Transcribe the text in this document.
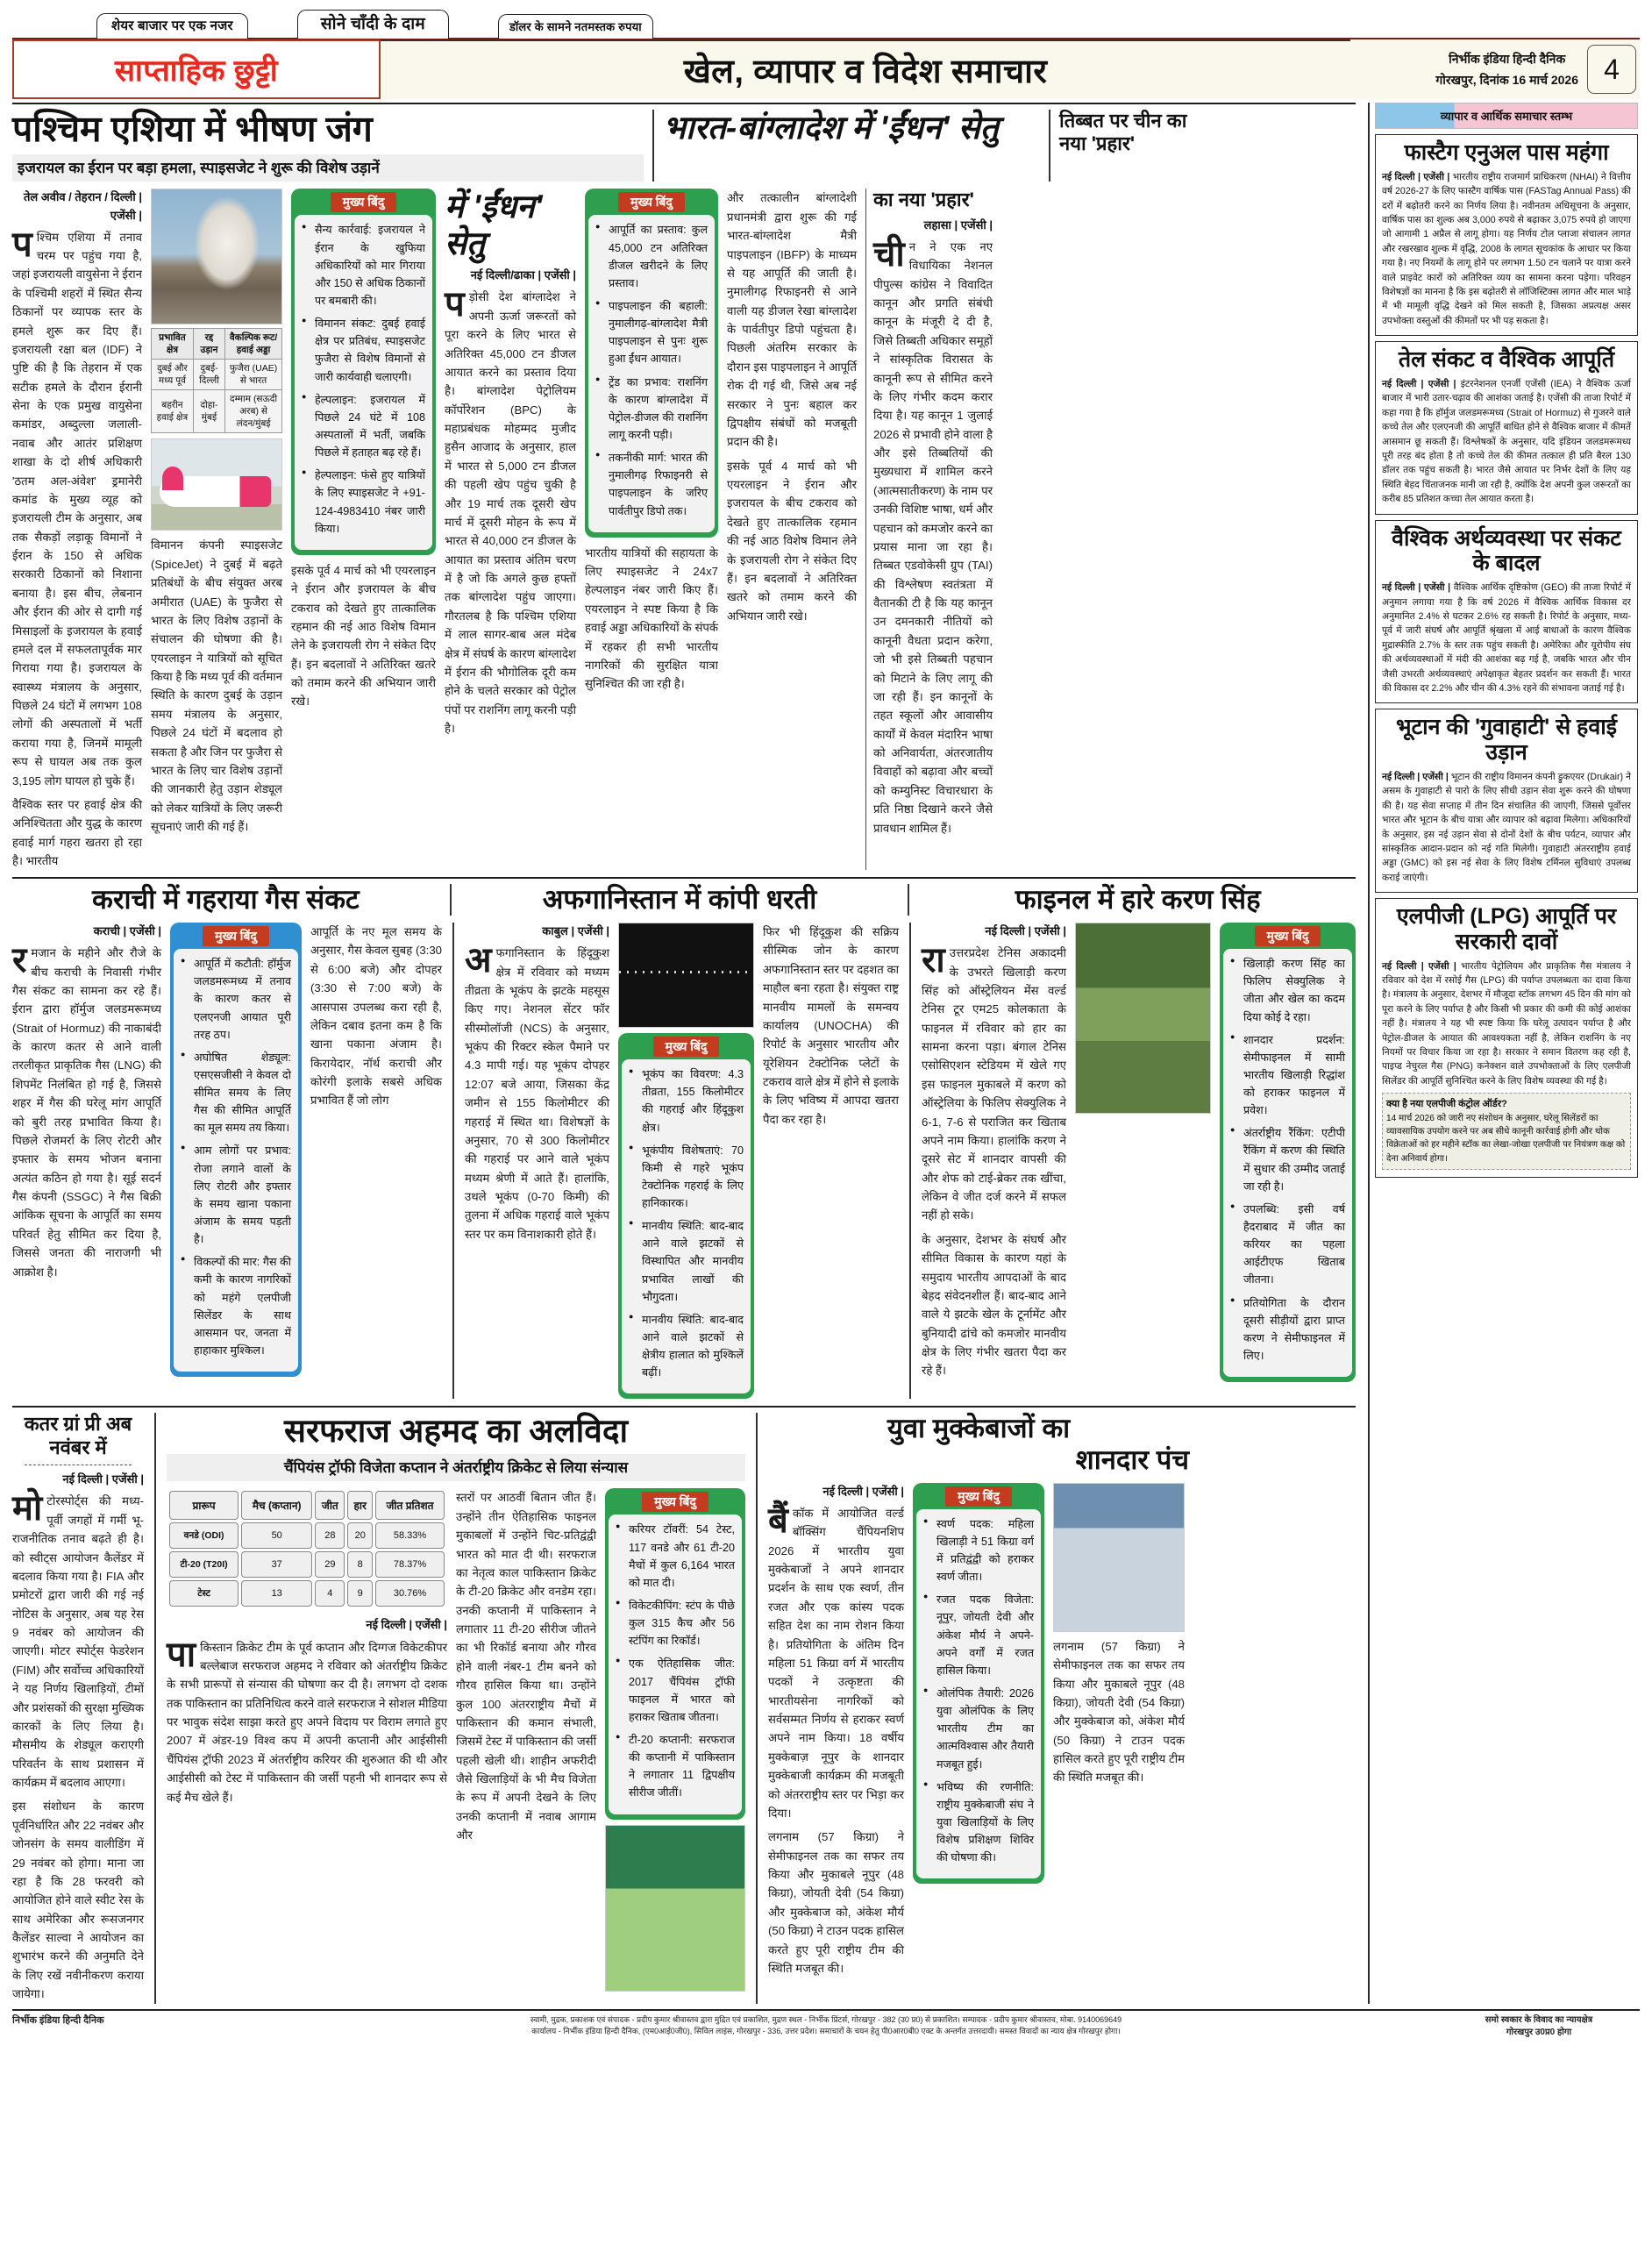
शेयर बाजार पर एक नजर	सोने चाँदी के दाम	डॉलर के सामने नतमस्तक रुपया
साप्ताहिक छुट्टी	खेल, व्यापार व विदेश समाचार	निर्भीक इंडिया हिन्दी दैनिक
गोरखपुर, दिनांक 16 मार्च 2026 4
पश्चिम एशिया में भीषण जंग
इजरायल का ईरान पर बड़ा हमला, स्पाइसजेट ने शुरू की विशेष उड़ानें
भारत-बांग्लादेश में 'ईंधन' सेतु	तिब्बत पर चीन का नया 'प्रहार'
तेल अवीव / तेहरान / दिल्ली | एजेंसी |
पश्चिम एशिया में तनाव चरम पर पहुंच गया है, जहां इजरायली वायुसेना ने ईरान के पश्चिमी शहरों में स्थित सैन्य ठिकानों पर व्यापक स्तर के हमले शुरू कर दिए हैं। इजरायली रक्षा बल (IDF) ने पुष्टि की है कि तेहरान में एक सटीक हमले के दौरान ईरानी सेना के एक प्रमुख वायुसेना कमांडर, अब्दुल्ला जलाली-नवाब और आतंर प्रशिक्षण शाखा के दो शीर्ष अधिकारी 'ठतम अल-अंवेश' ड्रमानेरी कमांड के मुख्य व्यूह को इजरायली टीम के अनुसार, अब तक सैकड़ों लड़ाकू विमानों ने ईरान के 150 से अधिक सरकारी ठिकानों को निशाना बनाया है। इस बीच, लेबनान और ईरान की ओर से दागी गई मिसाइलों के इजरायल के हवाई हमले दल में सफलतापूर्वक मार गिराया गया है। इजरायल के स्वास्थ्य मंत्रालय के अनुसार, पिछले 24 घंटों में लगभग 108 लोगों की अस्पतालों में भर्ती कराया गया है, जिनमें मामूली रूप से घायल अब तक कुल 3,195 लोग घायल हो चुके हैं।
वैश्विक स्तर पर हवाई क्षेत्र की अनिश्चितता और युद्ध के कारण हवाई मार्ग गहरा खतरा हो रहा है। भारतीय
प्रभावित क्षेत्र	रद्द उड़ान	वैकल्पिक रूट/हवाई अड्डा
दुबई और मध्य पूर्व	दुबई-दिल्ली	फुजैरा (UAE) से भारत
बहरीन हवाई क्षेत्र	दोहा-मुंबई	दम्माम (सऊदी अरब) से लंदन/मुंबई
विमानन कंपनी स्पाइसजेट (SpiceJet) ने दुबई में बढ़ते प्रतिबंधों के बीच संयुक्त अरब अमीरात (UAE) के फुजैरा से भारत के लिए विशेष उड़ानों के संचालन की घोषणा की है। एयरलाइन ने यात्रियों को सूचित किया है कि मध्य पूर्व की वर्तमान स्थिति के कारण दुबई के उड़ान समय मंत्रालय के अनुसार, पिछले 24 घंटों में बदलाव हो सकता है और जिन पर फुजैरा से भारत के लिए चार विशेष उड़ानों की जानकारी हेतु उड़ान शेड्यूल को लेकर यात्रियों के लिए जरूरी सूचनाएं जारी की गई हैं।
मुख्य बिंदु
● सैन्य कार्रवाई: इजरायल ने ईरान के खुफिया अधिकारियों को मार गिराया और 150 से अधिक ठिकानों पर बमबारी की।
● विमानन संकट: दुबई हवाई क्षेत्र पर प्रतिबंध, स्पाइसजेट फुजैरा से विशेष विमानों से जारी कार्यवाही चलाएगी।
● हेल्पलाइन: इजरायल में पिछले 24 घंटे में 108 अस्पतालों में भर्ती, जबकि पिछले में हताहत बढ़ रहे हैं।
● हेल्पलाइन: फंसे हुए यात्रियों के लिए स्पाइसजेट ने +91-124-4983410 नंबर जारी किया।
इसके पूर्व 4 मार्च को भी एयरलाइन ने ईरान और इजरायल के बीच टकराव को देखते हुए तात्कालिक रहमान की नई आठ विशेष विमान लेने के इजरायली रोग ने संकेत दिए हैं। इन बदलावों ने अतिरिक्त खतरे को तमाम करने की अभियान जारी रखे।
में 'ईंधन' सेतु
नई दिल्ली/ढाका | एजेंसी |
पड़ोसी देश बांग्लादेश ने अपनी ऊर्जा जरूरतों को पूरा करने के लिए भारत से अतिरिक्त 45,000 टन डीजल आयात करने का प्रस्ताव दिया है। बांग्लादेश पेट्रोलियम कॉर्पोरेशन (BPC) के महाप्रबंधक मोहम्मद मुजीद हुसैन आजाद के अनुसार, हाल में भारत से 5,000 टन डीजल की पहली खेप पहुंच चुकी है और 19 मार्च तक दूसरी खेप मार्च में दूसरी मोहन के रूप में भारत से 40,000 टन डीजल के आयात का प्रस्ताव अंतिम चरण में है जो कि अगले कुछ हफ्तों तक बांग्लादेश पहुंच जाएगा। गौरतलब है कि पश्चिम एशिया में लाल सागर-बाब अल मंदेब क्षेत्र में संघर्ष के कारण बांग्लादेश में ईरान की भौगोलिक दूरी कम होने के चलते सरकार को पेट्रोल पंपों पर राशनिंग लागू करनी पड़ी है।
मुख्य बिंदु
● आपूर्ति का प्रस्ताव: कुल 45,000 टन अतिरिक्त डीजल खरीदने के लिए प्रस्ताव।
● पाइपलाइन की बहाली: नुमालीगढ़-बांग्लादेश मैत्री पाइपलाइन से पुनः शुरू हुआ ईंधन आयात।
● ट्रेंड का प्रभाव: राशनिंग के कारण बांग्लादेश में पेट्रोल-डीजल की राशनिंग लागू करनी पड़ी।
● तकनीकी मार्ग: भारत की नुमालीगढ़ रिफाइनरी से पाइपलाइन के जरिए पार्वतीपुर डिपो तक।
भारतीय यात्रियों की सहायता के लिए स्पाइसजेट ने 24x7 हेल्पलाइन नंबर जारी किए हैं। एयरलाइन ने स्पष्ट किया है कि हवाई अड्डा अधिकारियों के संपर्क में रहकर ही सभी भारतीय नागरिकों की सुरक्षित यात्रा सुनिश्चित की जा रही है।
और तत्कालीन बांग्लादेशी प्रधानमंत्री द्वारा शुरू की गई भारत-बांग्लादेश मैत्री पाइपलाइन (IBFP) के माध्यम से यह आपूर्ति की जाती है। नुमालीगढ़ रिफाइनरी से आने वाली यह डीजल रेखा बांग्लादेश के पार्वतीपुर डिपो पहुंचता है। पिछली अंतरिम सरकार के दौरान इस पाइपलाइन ने आपूर्ति रोक दी गई थी, जिसे अब नई सरकार ने पुनः बहाल कर द्विपक्षीय संबंधों को मजबूती प्रदान की है।
इसके पूर्व 4 मार्च को भी एयरलाइन ने ईरान और इजरायल के बीच टकराव को देखते हुए तात्कालिक रहमान की नई आठ विशेष विमान लेने के इजरायली रोग ने संकेत दिए हैं। इन बदलावों ने अतिरिक्त खतरे को तमाम करने की अभियान जारी रखे।
का नया 'प्रहार'
लहासा | एजेंसी |
चीन ने एक नए विधायिका नेशनल पीपुल्स कांग्रेस ने विवादित कानून और प्रगति संबंधी कानून के मंजूरी दे दी है, जिसे तिब्बती अधिकार समूहों ने सांस्कृतिक विरासत के कानूनी रूप से सीमित करने के लिए गंभीर कदम करार दिया है। यह कानून 1 जुलाई 2026 से प्रभावी होने वाला है और इसे तिब्बतियों की मुख्यधारा में शामिल करने (आत्मसातीकरण) के नाम पर उनकी विशिष्ट भाषा, धर्म और पहचान को कमजोर करने का प्रयास माना जा रहा है। तिब्बत एडवोकेसी ग्रुप (TAI) की विश्लेषण स्वतंत्रता में वैतानकी टी है कि यह कानून उन दमनकारी नीतियों को कानूनी वैधता प्रदान करेगा, जो भी इसे तिब्बती पहचान को मिटाने के लिए लागू की जा रही हैं। इन कानूनों के तहत स्कूलों और आवासीय कार्यों में केवल मंदारिन भाषा को अनिवार्यता, अंतरजातीय विवाहों को बढ़ावा और बच्चों को कम्युनिस्ट विचारधारा के प्रति निष्ठा दिखाने करने जैसे प्रावधान शामिल हैं।
कराची में गहराया गैस संकट	अफगानिस्तान में कांपी धरती	फाइनल में हारे करण सिंह
कराची | एजेंसी |
रमजान के महीने और रौजे के बीच कराची के निवासी गंभीर गैस संकट का सामना कर रहे हैं। ईरान द्वारा हॉर्मुज जलडमरूमध्य (Strait of Hormuz) की नाकाबंदी के कारण कतर से आने वाली तरलीकृत प्राकृतिक गैस (LNG) की शिपमेंट निलंबित हो गई है, जिससे शहर में गैस की घरेलू मांग आपूर्ति को बुरी तरह प्रभावित किया है। पिछले रोजमर्रा के लिए रोटरी और इफ्तार के समय भोजन बनाना अत्यंत कठिन हो गया है। सूई सदर्न गैस कंपनी (SSGC) ने गैस बिक्री आंकिक सूचना के आपूर्ति का समय परिवर्त हेतु सीमित कर दिया है, जिससे जनता की नाराजगी भी आक्रोश है।
मुख्य बिंदु
● आपूर्ति में कटौती: हॉर्मुज जलडमरूमध्य में तनाव के कारण कतर से एलएनजी आयात पूरी तरह ठप।
● अघोषित शेड्यूल: एसएसजीसी ने केवल दो सीमित समय के लिए गैस की सीमित आपूर्ति का मूल समय तय किया।
● आम लोगों पर प्रभाव: रोजा लगाने वालों के लिए रोटरी और इफ्तार के समय खाना पकाना अंजाम के समय पड़ती है।
● विकल्पों की मार: गैस की कमी के कारण नागरिकों को महंगे एलपीजी सिलेंडर के साथ आसमान पर, जनता में हाहाकार मुश्किल।
आपूर्ति के नए मूल समय के अनुसार, गैस केवल सुबह (3:30 से 6:00 बजे) और दोपहर (3:30 से 7:00 बजे) के आसपास उपलब्ध करा रही है, लेकिन दबाव इतना कम है कि खाना पकाना अंजाम है। किरायेदार, नॉर्थ कराची और कोरंगी इलाके सबसे अधिक प्रभावित हैं जो लोग
काबुल | एजेंसी |
अफगानिस्तान के हिंदूकुश क्षेत्र में रविवार को मध्यम तीव्रता के भूकंप के झटके महसूस किए गए। नेशनल सेंटर फॉर सीस्मोलॉजी (NCS) के अनुसार, भूकंप की रिक्टर स्केल पैमाने पर 4.3 मापी गई। यह भूकंप दोपहर 12:07 बजे आया, जिसका केंद्र जमीन से 155 किलोमीटर की गहराई में स्थित था। विशेषज्ञों के अनुसार, 70 से 300 किलोमीटर की गहराई पर आने वाले भूकंप मध्यम श्रेणी में आते हैं। हालांकि, उथले भूकंप (0-70 किमी) की तुलना में अधिक गहराई वाले भूकंप स्तर पर कम विनाशकारी होते हैं।
मुख्य बिंदु
● भूकंप का विवरण: 4.3 तीव्रता, 155 किलोमीटर की गहराई और हिंदूकुश क्षेत्र।
● भूकंपीय विशेषताएं: 70 किमी से गहरे भूकंप टेक्टोनिक गहराई के लिए हानिकारक।
● मानवीय स्थिति: बाद-बाद आने वाले झटकों से विस्थापित और मानवीय प्रभावित लाखों की भौगुदता।
● मानवीय स्थिति: बाद-बाद आने वाले झटकों से क्षेत्रीय हालात को मुश्किलें बढ़ीं।
फिर भी हिंदूकुश की सक्रिय सीस्मिक जोन के कारण अफगानिस्तान स्तर पर दहशत का माहौल बना रहता है। संयुक्त राष्ट्र मानवीय मामलों के समन्वय कार्यालय (UNOCHA) की रिपोर्ट के अनुसार भारतीय और यूरेशियन टेक्टोनिक प्लेटों के टकराव वाले क्षेत्र में होने से इलाके के लिए भविष्य में आपदा खतरा पैदा कर रहा है।
नई दिल्ली | एजेंसी |
राउत्तरप्रदेश टेनिस अकादमी के उभरते खिलाड़ी करण सिंह को ऑस्ट्रेलियन मेंस वर्ल्ड टेनिस टूर एम25 कोलकाता के फाइनल में रविवार को हार का सामना करना पड़ा। बंगाल टेनिस एसोसिएशन स्टेडियम में खेले गए इस फाइनल मुकाबले में करण को ऑस्ट्रेलिया के फिलिप सेक्युलिक ने 6-1, 7-6 से पराजित कर खिताब अपने नाम किया। हालांकि करण ने दूसरे सेट में शानदार वापसी की और शेफ को टाई-ब्रेकर तक खींचा, लेकिन वे जीत दर्ज करने में सफल नहीं हो सके।
के अनुसार, देशभर के संघर्ष और सीमित विकास के कारण यहां के समुदाय भारतीय आपदाओं के बाद बेहद संवेदनशील हैं। बाद-बाद आने वाले ये झटके खेल के टूर्नामेंट और बुनियादी ढांचे को कमजोर मानवीय क्षेत्र के लिए गंभीर खतरा पैदा कर रहे हैं।
मुख्य बिंदु
● खिलाड़ी करण सिंह का फिलिप सेक्युलिक ने जीता और खेल का कदम दिया कोई दे रहा।
● शानदार प्रदर्शन: सेमीफाइनल में सामी भारतीय खिलाड़ी रिद्धांश को हराकर फाइनल में प्रवेश।
● अंतर्राष्ट्रीय रैंकिंग: एटीपी रैंकिंग में करण की स्थिति में सुधार की उम्मीद जताई जा रही है।
● उपलब्धि: इसी वर्ष हैदराबाद में जीत का करियर का पहला आईटीएफ खिताब जीतना।
● प्रतियोगिता के दौरान दूसरी सीड़ीयों द्वारा प्राप्त करण ने सेमीफाइनल में लिए।
कतर ग्रां प्री अब
नवंबर में
नई दिल्ली | एजेंसी |
मोटोरस्पोर्ट्स की मध्य-पूर्वी जगहों में गर्मी भू-राजनीतिक तनाव बढ़ते ही है। को स्वीट्स आयोजन कैलेंडर में बदलाव किया गया है। FIA और प्रमोटरों द्वारा जारी की गई नई नोटिस के अनुसार, अब यह रेस 9 नवंबर को आयोजन की जाएगी। मोटर स्पोर्ट्स फेडरेशन (FIM) और सर्वोच्च अधिकारियों ने यह निर्णय खिलाड़ियों, टीमों और प्रशंसकों की सुरक्षा मुख्यिक कारकों के लिए लिया है। मौसमीय के शेड्यूल कराएगी परिवर्तन के साथ प्रशासन में कार्यक्रम में बदलाव आएगा।
इस संशोधन के कारण पूर्वनिर्धारित और 22 नवंबर और जोनसंग के समय वालीडिंग में 29 नवंबर को होगा। माना जा रहा है कि 28 फरवरी को आयोजित होने वाले स्वीट रेस के साथ अमेरिका और रूसजनगर कैलेंडर साल्वा ने आयोजन का शुभारंभ करने की अनुमति देने के लिए रखें नवीनीकरण कराया जायेगा।
सरफराज अहमद का अलविदा
चैंपियंस ट्रॉफी विजेता कप्तान ने अंतर्राष्ट्रीय क्रिकेट से लिया संन्यास
प्रारूप	मैच (कप्तान)	जीत	हार	जीत प्रतिशत
वनडे (ODI)	50	28	20	58.33%
टी-20 (T20I)	37	29	8	78.37%
टेस्ट	13	4	9	30.76%
नई दिल्ली | एजेंसी |
पाकिस्तान क्रिकेट टीम के पूर्व कप्तान और दिग्गज विकेटकीपर बल्लेबाज सरफराज अहमद ने रविवार को अंतर्राष्ट्रीय क्रिकेट के सभी प्रारूपों से संन्यास की घोषणा कर दी है। लगभग दो दशक तक पाकिस्तान का प्रतिनिधित्व करने वाले सरफराज ने सोशल मीडिया पर भावुक संदेश साझा करते हुए अपने विदाय पर विराम लगाते हुए 2007 में अंडर-19 विश्व कप में अपनी कप्तानी और आईसीसी चैंपियंस ट्रॉफी 2023 में अंतर्राष्ट्रीय करियर की शुरुआत की थी और आईसीसी को टेस्ट में पाकिस्तान की जर्सी पहनी भी शानदार रूप से कई मैच खेले हैं।
स्तरों पर आठवीं बितान जीत हैं। उन्होंने तीन ऐतिहासिक फाइनल मुकाबलों में उन्होंने चिट-प्रतिद्वंद्वी भारत को मात दी थी। सरफराज का नेतृत्व काल पाकिस्तान क्रिकेट के टी-20 क्रिकेट और वनडेम रहा। उनकी कप्तानी में पाकिस्तान ने लगातार 11 टी-20 सीरीज जीतने का भी रिकॉर्ड बनाया और गौरव होने वाली नंबर-1 टीम बनने को गौरव हासिल किया था। उन्होंने कुल 100 अंतरराष्ट्रीय मैचों में पाकिस्तान की कमान संभाली, जिसमें टेस्ट में पाकिस्तान की जर्सी पहली खेली थी। शाहीन अफरीदी जैसे खिलाड़ियों के भी मैच विजेता के रूप में अपनी देखने के लिए उनकी कप्तानी में नवाब आगाम और
मुख्य बिंदु
● करियर टॉवरीं: 54 टेस्ट, 117 वनडे और 61 टी-20 मैचों में कुल 6,164 भारत को मात दी।
● विकेटकीपिंग: स्टंप के पीछे कुल 315 कैच और 56 स्टंपिंग का रिकॉर्ड।
● एक ऐतिहासिक जीत: 2017 चैंपियंस ट्रॉफी फाइनल में भारत को हराकर खिताब जीतना।
● टी-20 कप्तानी: सरफराज की कप्तानी में पाकिस्तान ने लगातार 11 द्विपक्षीय सीरीज जीतीं।
युवा मुक्केबाजों का
शानदार पंच
नई दिल्ली | एजेंसी |
बैंकॉक में आयोजित वर्ल्ड बॉक्सिंग चैंपियनशिप 2026 में भारतीय युवा मुक्केबाजों ने अपने शानदार प्रदर्शन के साथ एक स्वर्ण, तीन रजत और एक कांस्य पदक सहित देश का नाम रोशन किया है। प्रतियोगिता के अंतिम दिन महिला 51 किग्रा वर्ग में भारतीय पदकों ने उत्कृष्टता की भारतीयसेना नागरिकों को सर्वसम्मत निर्णय से हराकर स्वर्ण अपने नाम किया। 18 वर्षीय मुक्केबाज़ नूपुर के शानदार मुक्केबाजी कार्यक्रम की मजबूती को अंतरराष्ट्रीय स्तर पर भिड़ा कर दिया।
लगनाम (57 किग्रा) ने सेमीफाइनल तक का सफर तय किया और मुकाबले नूपुर (48 किग्रा), जोयती देवी (54 किग्रा) और मुक्केबाज को, अंकेश मौर्य (50 किग्रा) ने टाउन पदक हासिल करते हुए पूरी राष्ट्रीय टीम की स्थिति मजबूत की।
मुख्य बिंदु
● स्वर्ण पदक: महिला खिलाड़ी ने 51 किग्रा वर्ग में प्रतिद्वंद्वी को हराकर स्वर्ण जीता।
● रजत पदक विजेता: नूपुर, जोयती देवी और अंकेश मौर्य ने अपने-अपने वर्गों में रजत हासिल किया।
● ओलंपिक तैयारी: 2026 युवा ओलंपिक के लिए भारतीय टीम का आत्मविश्वास और तैयारी मजबूत हुई।
● भविष्य की रणनीति: राष्ट्रीय मुक्केबाजी संघ ने युवा खिलाड़ियों के लिए विशेष प्रशिक्षण शिविर की घोषणा की।
लगनाम (57 किग्रा) ने सेमीफाइनल तक का सफर तय किया और मुकाबले नूपुर (48 किग्रा), जोयती देवी (54 किग्रा) और मुक्केबाज को, अंकेश मौर्य (50 किग्रा) ने टाउन पदक हासिल करते हुए पूरी राष्ट्रीय टीम की स्थिति मजबूत की।
व्यापार व आर्थिक समाचार स्तम्भ
फास्टैग एनुअल पास महंगा

नई दिल्ली | एजेंसी | भारतीय राष्ट्रीय राजमार्ग प्राधिकरण (NHAI) ने वित्तीय वर्ष 2026-27 के लिए फास्टैग वार्षिक पास (FASTag Annual Pass) की दरों में बढ़ोतरी करने का निर्णय लिया है। नवीनतम अधिसूचना के अनुसार, वार्षिक पास का शुल्क अब 3,000 रुपये से बढ़ाकर 3,075 रुपये हो जाएगा जो आगामी 1 अप्रैल से लागू होगा। यह निर्णय टोल प्लाजा संचालन लागत और रखरखाव शुल्क में वृद्धि, 2008 के लागत सूचकांक के आधार पर किया गया है। नए नियमों के लागू होने पर लगभग 1.50 टन चलाने पर यात्रा करने वाले प्राइवेट कारों को अतिरिक्त व्यय का सामना करना पड़ेगा। परिवहन विशेषज्ञों का मानना है कि इस बढ़ोतरी से लॉजिस्टिक्स लागत और माल भाड़े में भी मामूली वृद्धि देखने को मिल सकती है, जिसका अप्रत्यक्ष असर उपभोक्ता वस्तुओं की कीमतों पर भी पड़ सकता है।

तेल संकट व वैश्विक आपूर्ति

नई दिल्ली | एजेंसी | इंटरनेशनल एनर्जी एजेंसी (IEA) ने वैश्विक ऊर्जा बाजार में भारी उतार-चढ़ाव की आशंका जताई है। एजेंसी की ताजा रिपोर्ट में कहा गया है कि हॉर्मुज जलडमरूमध्य (Strait of Hormuz) से गुजरने वाले कच्चे तेल और एलएनजी की आपूर्ति बाधित होने से वैश्विक बाजार में कीमतें आसमान छू सकती हैं। विश्लेषकों के अनुसार, यदि इंडियन जलडमरूमध्य पूरी तरह बंद होता है तो कच्चे तेल की कीमत तत्काल ही प्रति बैरल 130 डॉलर तक पहुंच सकती है। भारत जैसे आयात पर निर्भर देशों के लिए यह स्थिति बेहद चिंताजनक मानी जा रही है, क्योंकि देश अपनी कुल जरूरतों का करीब 85 प्रतिशत कच्चा तेल आयात करता है।

वैश्विक अर्थव्यवस्था पर संकट के बादल

नई दिल्ली | एजेंसी | वैश्विक आर्थिक दृष्टिकोण (GEO) की ताजा रिपोर्ट में अनुमान लगाया गया है कि वर्ष 2026 में वैश्विक आर्थिक विकास दर अनुमानित 2.4% से घटकर 2.6% रह सकती है। रिपोर्ट के अनुसार, मध्य-पूर्व में जारी संघर्ष और आपूर्ति श्रृंखला में आई बाधाओं के कारण वैश्विक मुद्रास्फीति 2.7% के स्तर तक पहुंच सकती है। अमेरिका और यूरोपीय संघ की अर्थव्यवस्थाओं में मंदी की आशंका बढ़ गई है, जबकि भारत और चीन जैसी उभरती अर्थव्यवस्थाएं अपेक्षाकृत बेहतर प्रदर्शन कर सकती हैं। भारत की विकास दर 2.2% और चीन की 4.3% रहने की संभावना जताई गई है।

भूटान की 'गुवाहाटी' से हवाई उड़ान

नई दिल्ली | एजेंसी | भूटान की राष्ट्रीय विमानन कंपनी ड्रुकएयर (Drukair) ने असम के गुवाहाटी से पारो के लिए सीधी उड़ान सेवा शुरू करने की घोषणा की है। यह सेवा सप्ताह में तीन दिन संचालित की जाएगी, जिससे पूर्वोत्तर भारत और भूटान के बीच यात्रा और व्यापार को बढ़ावा मिलेगा। अधिकारियों के अनुसार, इस नई उड़ान सेवा से दोनों देशों के बीच पर्यटन, व्यापार और सांस्कृतिक आदान-प्रदान को नई गति मिलेगी। गुवाहाटी अंतरराष्ट्रीय हवाई अड्डा (GMC) को इस नई सेवा के लिए विशेष टर्मिनल सुविधाएं उपलब्ध कराई जाएंगी।

एलपीजी (LPG) आपूर्ति पर सरकारी दावों

नई दिल्ली | एजेंसी | भारतीय पेट्रोलियम और प्राकृतिक गैस मंत्रालय ने रविवार को देश में रसोई गैस (LPG) की पर्याप्त उपलब्धता का दावा किया है। मंत्रालय के अनुसार, देशभर में मौजूदा स्टॉक लगभग 45 दिन की मांग को पूरा करने के लिए पर्याप्त है और किसी भी प्रकार की कमी की कोई आशंका नहीं है। मंत्रालय ने यह भी स्पष्ट किया कि घरेलू उत्पादन पर्याप्त है और पेट्रोल-डीजल के आयात की आवश्यकता नहीं है, लेकिन राशनिंग के नए नियमों पर विचार किया जा रहा है। सरकार ने समान वितरण कह रही है, पाइप्ड नेचुरल गैस (PNG) कनेक्शन वाले उपभोक्ताओं के लिए एलपीजी सिलेंडर की आपूर्ति सुनिश्चित करने के लिए विशेष व्यवस्था की गई है।

क्या है नया एलपीजी कंट्रोल ऑर्डर?
14 मार्च 2026 को जारी नए संशोधन के अनुसार, घरेलू सिलेंडरों का व्यावसायिक उपयोग करने पर अब सीधे कानूनी कार्रवाई होगी और थोक विक्रेताओं को हर महीने स्टॉक का लेखा-जोखा एलपीजी पर नियंत्रण कक्ष को देना अनिवार्य होगा।
निर्भीक इंडिया हिन्दी दैनिक	स्वामी, मुद्रक, प्रकाशक एवं संपादक - प्रदीप कुमार श्रीवास्तव द्वारा मुद्रित एवं प्रकाशित, मुद्रण स्थल - निर्भीक प्रिंटर्स, गोरखपुर - 382 (उ0 प्र0) से प्रकाशित। सम्पादक - प्रदीप कुमार श्रीवास्तव, मोबा. 9140069649
कार्यालय - निर्भीक इंडिया हिन्दी दैनिक, (एम0आई0जी0), सिविल लाइंस, गोरखपुर - 336, उत्तर प्रदेश। समाचारों के चयन हेतु पी0आर0बी0 एक्ट के अन्तर्गत उत्तरदायी। समस्त विवादों का न्याय क्षेत्र गोरखपुर होगा।
समो स्वकार के विवाद का न्यायक्षेत्र
गोरखपुर उ0प्र0 होगा
